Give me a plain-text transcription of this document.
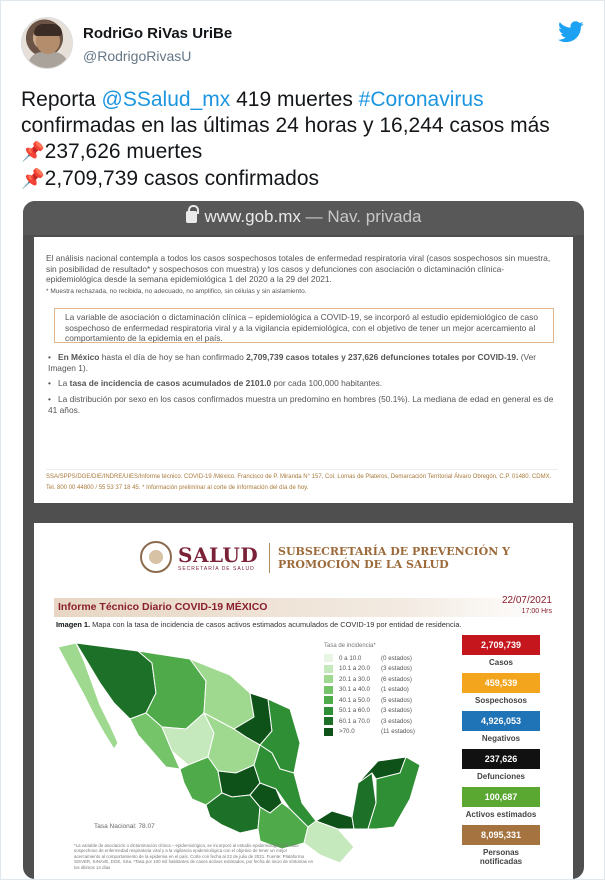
RodriGo RiVas UriBe
@RodrigoRivasU
Reporta @SSalud_mx 419 muertes #Coronavirus
confirmadas en las últimas 24 horas y 16,244 casos más
📌237,626 muertes
📌2,709,739 casos confirmados
www.gob.mx — Nav. privada

El análisis nacional contempla a todos los casos sospechosos totales de enfermedad respiratoria viral (casos sospechosos sin muestra, sin posibilidad de resultado* y sospechosos con muestra) y los casos y defunciones con asociación o dictaminación clínica-epidemiológica desde la semana epidemiológica 1 del 2020 a la 29 del 2021.

* Muestra rechazada, no recibida, no adecuado, no amplifico, sin células y sin aislamiento.

La variable de asociación o dictaminación clínica – epidemiológica a COVID-19, se incorporó al estudio epidemiológico de caso sospechoso de enfermedad respiratoria viral y a la vigilancia epidemiológica, con el objetivo de tener un mejor acercamiento al comportamiento de la epidemia en el país.

• En México hasta el día de hoy se han confirmado 2,709,739 casos totales y 237,626 defunciones totales por COVID-19. (Ver Imagen 1).

• La tasa de incidencia de casos acumulados de 2101.0 por cada 100,000 habitantes.

• La distribución por sexo en los casos confirmados muestra un predomino en hombres (50.1%). La mediana de edad en general es de 41 años.

SSA/SPPS/DGE/DIE/INDRE/UIES/Informe técnico. COVID-19 /México. Francisco de P. Miranda N° 157, Col. Lomas de Plateros, Demarcación Territorial Álvaro Obregón, C.P. 01480. CDMX. Tel. 800 00 44800 / 55 53 37 18 45. * Información preliminar al corte de información del día de hoy.

SALUD
SECRETARÍA DE SALUD
SUBSECRETARÍA DE PREVENCIÓN Y
PROMOCIÓN DE LA SALUD
Informe Técnico Diario COVID-19 MÉXICO
22/07/2021
17:00 Hrs
Imagen 1. Mapa con la tasa de incidencia de casos activos estimados acumulados de COVID-19 por entidad de residencia.
Tasa de incidencia*
0 a 10.0	(0 estados)
10.1 a 20.0	(3 estados)
20.1 a 30.0	(6 estados)
30.1 a 40.0	(1 estado)
40.1 a 50.0	(5 estados)
50.1 a 60.0	(3 estados)
60.1 a 70.0	(3 estados)
>70.0	(11 estados)
Tasa Nacional: 78.07
*La variable de asociación o dictaminación clínica – epidemiológica, se incorporó al estudio epidemiológico de caso sospechoso de enfermedad respiratoria viral y a la vigilancia epidemiológica con el objetivo de tener un mejor acercamiento al comportamiento de la epidemia en el país. Corte con fecha al 22 de julio de 2021. Fuente: Plataforma SISVER, SINAVE, DGE, SSa. *Tasa por 100 mil habitantes de casos activos estimados, por fecha de inicio de síntomas en los últimos 14 días
2,709,739
Casos
459,539
Sospechosos
4,926,053
Negativos
237,626
Defunciones
100,687
Activos estimados
8,095,331
Personas notificadas
